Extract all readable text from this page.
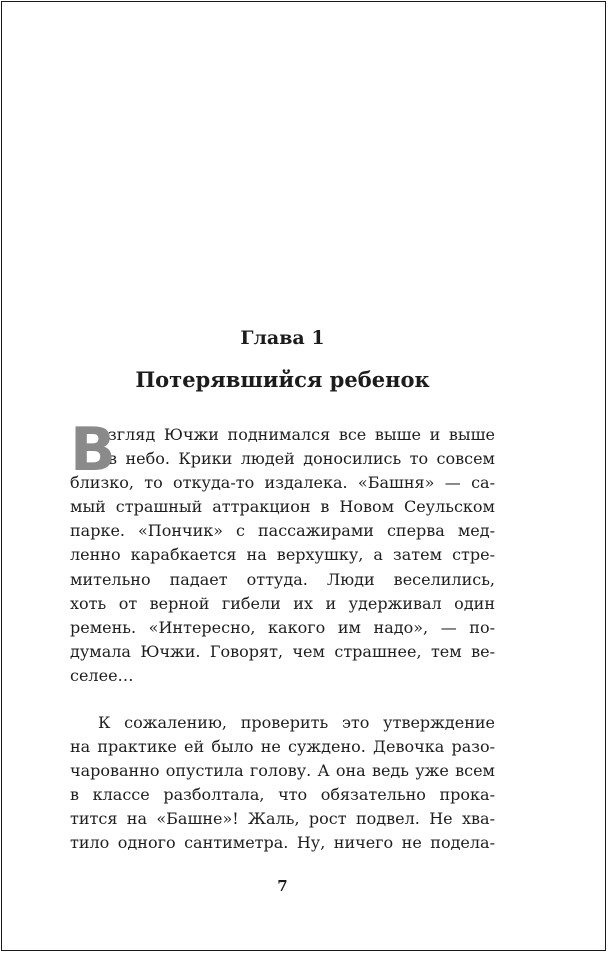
Глава 1
Потерявшийся ребенок
В
згляд Ючжи поднимался все выше и выше
в небо. Крики людей доносились то совсем
близко, то откуда-то издалека. «Башня» — са-
мый страшный аттракцион в Новом Сеульском
парке. «Пончик» с пассажирами сперва мед-
ленно карабкается на верхушку, а затем стре-
мительно падает оттуда. Люди веселились,
хоть от верной гибели их и удерживал один
ремень. «Интересно, какого им надо», — по-
думала Ючжи. Говорят, чем страшнее, тем ве-
селее…
К сожалению, проверить это утверждение
на практике ей было не суждено. Девочка разо-
чарованно опустила голову. А она ведь уже всем
в классе разболтала, что обязательно прока-
тится на «Башне»! Жаль, рост подвел. Не хва-
тило одного сантиметра. Ну, ничего не подела-
7
